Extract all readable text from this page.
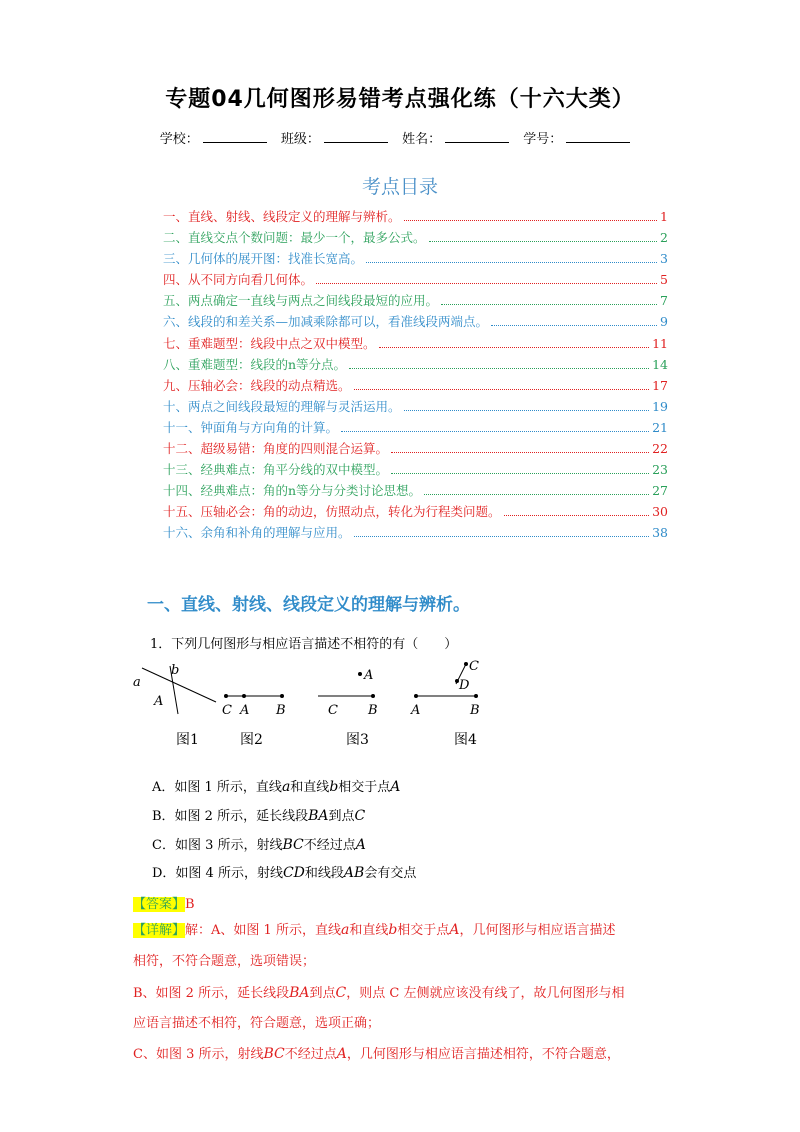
专题04几何图形易错考点强化练（十六大类）
学校：	班级：	姓名：	学号：
考点目录
一、直线、射线、线段定义的理解与辨析。	1
二、直线交点个数问题：最少一个，最多公式。	2
三、几何体的展开图：找准长宽高。	3
四、从不同方向看几何体。	5
五、两点确定一直线与两点之间线段最短的应用。	7
六、线段的和差关系—加减乘除都可以，看准线段两端点。	9
七、重难题型：线段中点之双中模型。	11
八、重难题型：线段的n等分点。	14
九、压轴必会：线段的动点精选。	17
十、两点之间线段最短的理解与灵活运用。	19
十一、钟面角与方向角的计算。	21
十二、超级易错：角度的四则混合运算。	22
十三、经典难点：角平分线的双中模型。	23
十四、经典难点：角的n等分与分类讨论思想。	27
十五、压轴必会：角的动边，仿照动点，转化为行程类问题。	30
十六、余角和补角的理解与应用。	38
一、直线、射线、线段定义的理解与辨析。
1．下列几何图形与相应语言描述不相符的有（　　）
a
b
A
C A B
A
C B
C
D
A	B
图1	图2	图3	图4
A．如图 1 所示，直线a和直线b相交于点A
B．如图 2 所示，延长线段BA到点C
C．如图 3 所示，射线BC不经过点A
D．如图 4 所示，射线CD和线段AB会有交点
【答案】B
【详解】解：A、如图 1 所示，直线a和直线b相交于点A，几何图形与相应语言描述
相符，不符合题意，选项错误；
B、如图 2 所示，延长线段BA到点C，则点 C 左侧就应该没有线了，故几何图形与相
应语言描述不相符，符合题意，选项正确；
C、如图 3 所示，射线BC不经过点A，几何图形与相应语言描述相符，不符合题意，
